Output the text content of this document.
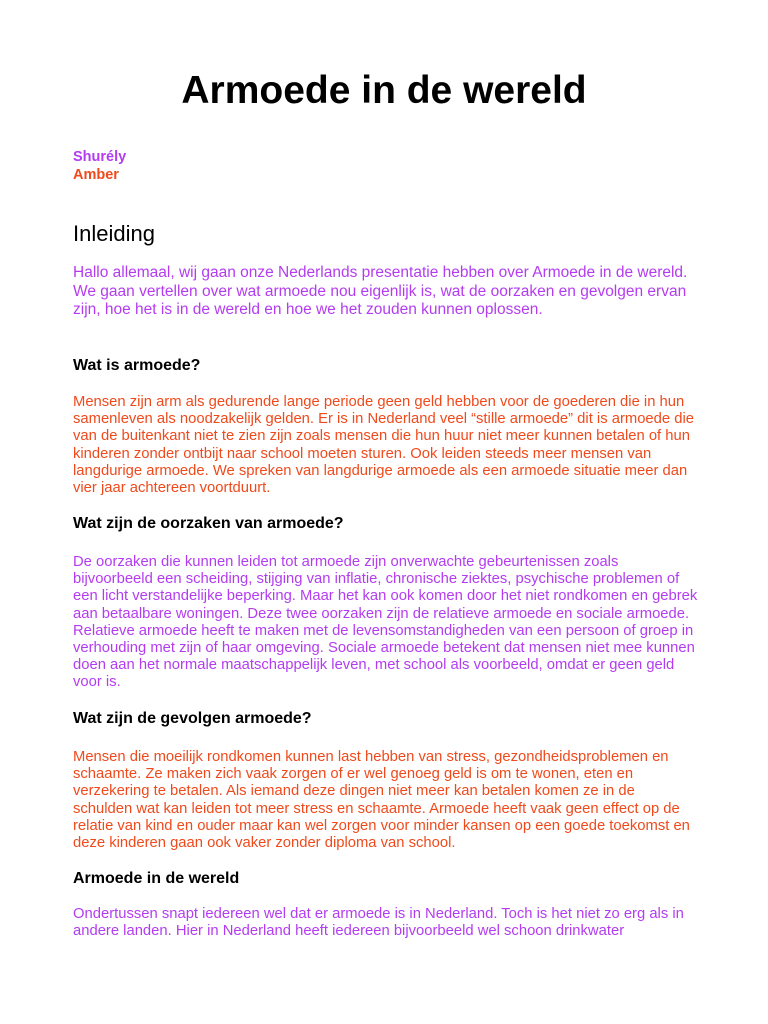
Armoede in de wereld
Shurély
Amber
Inleiding

Hallo allemaal, wij gaan onze Nederlands presentatie hebben over Armoede in de wereld. We gaan vertellen over wat armoede nou eigenlijk is, wat de oorzaken en gevolgen ervan zijn, hoe het is in de wereld en hoe we het zouden kunnen oplossen.

Wat is armoede?

Mensen zijn arm als gedurende lange periode geen geld hebben voor de goederen die in hun samenleven als noodzakelijk gelden. Er is in Nederland veel “stille armoede” dit is armoede die van de buitenkant niet te zien zijn zoals mensen die hun huur niet meer kunnen betalen of hun kinderen zonder ontbijt naar school moeten sturen. Ook leiden steeds meer mensen van langdurige armoede. We spreken van langdurige armoede als een armoede situatie meer dan vier jaar achtereen voortduurt.

Wat zijn de oorzaken van armoede?

De oorzaken die kunnen leiden tot armoede zijn onverwachte gebeurtenissen zoals bijvoorbeeld een scheiding, stijging van inflatie, chronische ziektes, psychische problemen of een licht verstandelijke beperking. Maar het kan ook komen door het niet rondkomen en gebrek aan betaalbare woningen. Deze twee oorzaken zijn de relatieve armoede en sociale armoede. Relatieve armoede heeft te maken met de levensomstandigheden van een persoon of groep in verhouding met zijn of haar omgeving. Sociale armoede betekent dat mensen niet mee kunnen doen aan het normale maatschappelijk leven, met school als voorbeeld, omdat er geen geld voor is.

Wat zijn de gevolgen armoede?

Mensen die moeilijk rondkomen kunnen last hebben van stress, gezondheidsproblemen en schaamte. Ze maken zich vaak zorgen of er wel genoeg geld is om te wonen, eten en verzekering te betalen. Als iemand deze dingen niet meer kan betalen komen ze in de schulden wat kan leiden tot meer stress en schaamte. Armoede heeft vaak geen effect op de relatie van kind en ouder maar kan wel zorgen voor minder kansen op een goede toekomst en deze kinderen gaan ook vaker zonder diploma van school.

Armoede in de wereld

Ondertussen snapt iedereen wel dat er armoede is in Nederland. Toch is het niet zo erg als in andere landen. Hier in Nederland heeft iedereen bijvoorbeeld wel schoon drinkwater
